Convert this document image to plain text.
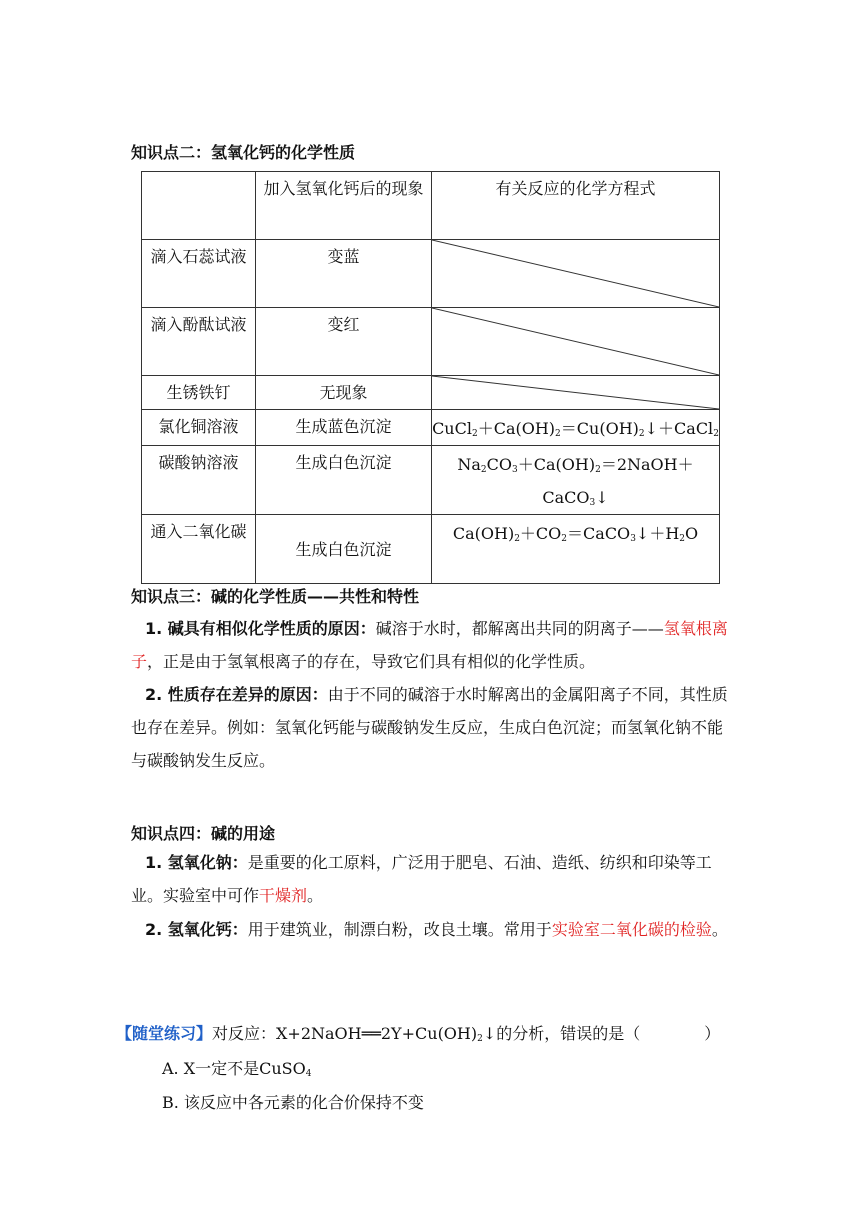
知识点二：氢氧化钙的化学性质
	加入氢氧化钙后的现象	有关反应的化学方程式
滴入石蕊试液	变蓝	

滴入酚酞试液	变红	

生锈铁钉	无现象	

氯化铜溶液	生成蓝色沉淀	$CuCl_2+Ca(OH)_2=Cu(OH)_2↓+CaCl_2$
碳酸钠溶液	生成白色沉淀	$Na_2CO_3+Ca(OH)_2=2NaOH+CaCO_3↓$
通入二氧化碳	生成白色沉淀	$Ca(OH)_2+CO_2=CaCO_3↓+H_2O$
知识点三：碱的化学性质——共性和特性
1. 碱具有相似化学性质的原因：碱溶于水时，都解离出共同的阴离子——氢氧根离子，正是由于氢氧根离子的存在，导致它们具有相似的化学性质。
2. 性质存在差异的原因：由于不同的碱溶于水时解离出的金属阳离子不同，其性质也存在差异。例如：氢氧化钙能与碳酸钠发生反应，生成白色沉淀；而氢氧化钠不能与碳酸钠发生反应。
知识点四：碱的用途
1. 氢氧化钠：是重要的化工原料，广泛用于肥皂、石油、造纸、纺织和印染等工业。实验室中可作干燥剂。
2. 氢氧化钙：用于建筑业，制漂白粉，改良土壤。常用于实验室二氧化碳的检验。
【随堂练习】对反应：$X+2NaOH══2Y+Cu(OH)_2↓$的分析，错误的是（　　　　）
A. X一定不是CuSO$_4$
B. 该反应中各元素的化合价保持不变
